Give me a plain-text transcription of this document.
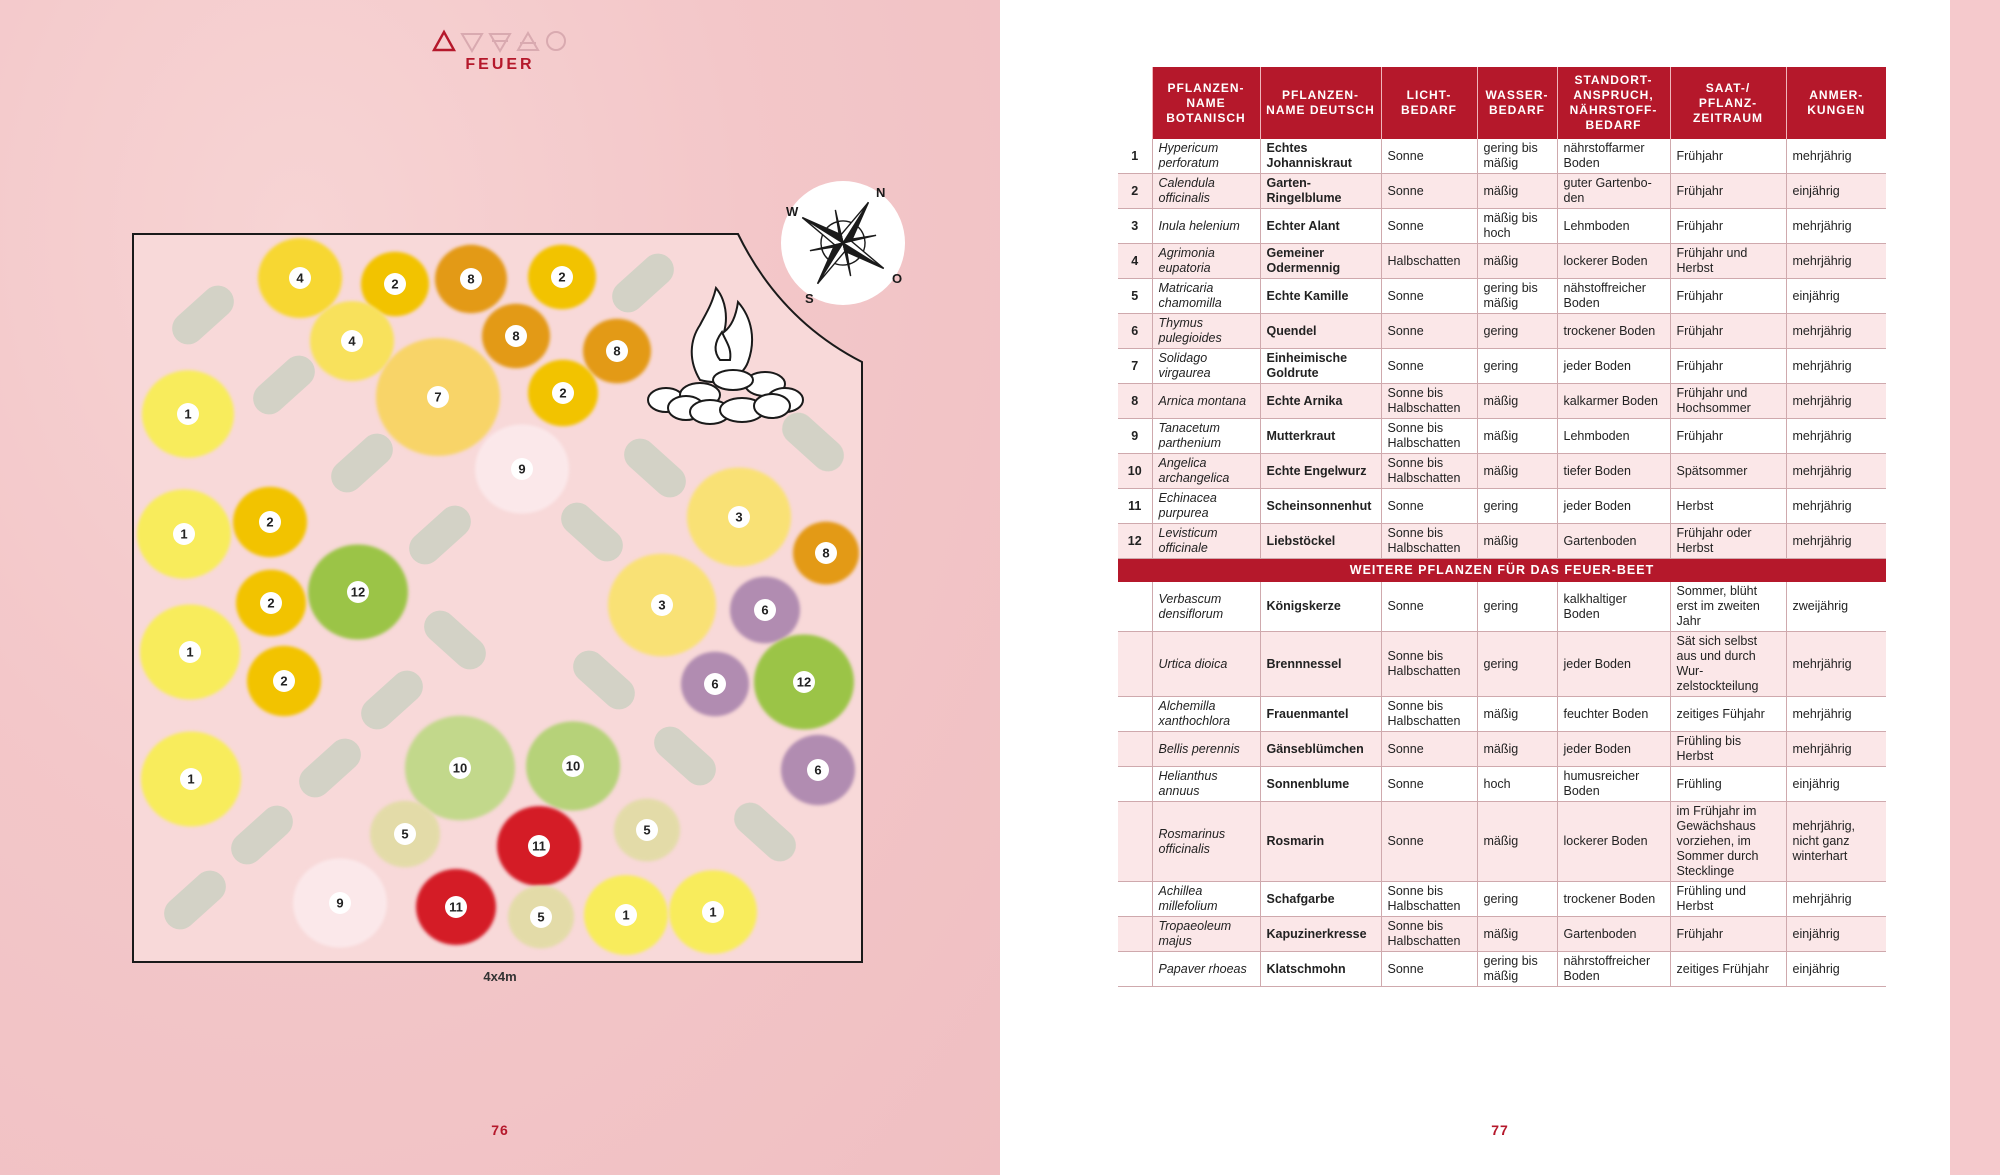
FEUER
4	2	8	2
4	8
8
7	2
1
9
1
2	3
8
12
2	3	6
1
2	6	12
10	10
1
6
5
11
5
9	11
5	1	1
N
W
O
S
4x4m
76
	PFLANZEN-NAME BOTANISCH	PFLANZEN-NAME DEUTSCH	LICHT-BEDARF	WASSER-BEDARF	STANDORT-ANSPRUCH, NÄHRSTOFF-BEDARF	SAAT-/ PFLANZ-ZEITRAUM	ANMER-KUNGEN
1	Hypericum perforatum	Echtes Johanniskraut	Sonne	gering bis mäßig	nährstoffarmer Boden	Frühjahr	mehrjährig
2	Calendula officinalis	Garten-Ringelblume	Sonne	mäßig	guter Gartenbo-den	Frühjahr	einjährig
3	Inula helenium	Echter Alant	Sonne	mäßig bis hoch	Lehmboden	Frühjahr	mehrjährig
4	Agrimonia eupatoria	Gemeiner Odermennig	Halbschatten	mäßig	lockerer Boden	Frühjahr und Herbst	mehrjährig
5	Matricaria chamomilla	Echte Kamille	Sonne	gering bis mäßig	nähstoffreicher Boden	Frühjahr	einjährig
6	Thymus pulegioides	Quendel	Sonne	gering	trockener Boden	Frühjahr	mehrjährig
7	Solidago virgaurea	Einheimische Goldrute	Sonne	gering	jeder Boden	Frühjahr	mehrjährig
8	Arnica montana	Echte Arnika	Sonne bis Halbschatten	mäßig	kalkarmer Boden	Frühjahr und Hochsommer	mehrjährig
9	Tanacetum parthenium	Mutterkraut	Sonne bis Halbschatten	mäßig	Lehmboden	Frühjahr	mehrjährig
10	Angelica archangelica	Echte Engelwurz	Sonne bis Halbschatten	mäßig	tiefer Boden	Spätsommer	mehrjährig
11	Echinacea purpurea	Scheinsonnenhut	Sonne	gering	jeder Boden	Herbst	mehrjährig
12	Levisticum officinale	Liebstöckel	Sonne bis Halbschatten	mäßig	Gartenboden	Frühjahr oder Herbst	mehrjährig
WEITERE PFLANZEN FÜR DAS FEUER-BEET							
	Verbascum densiflorum	Königskerze	Sonne	gering	kalkhaltiger Boden	Sommer, blüht erst im zweiten Jahr	zweijährig
	Urtica dioica	Brennnessel	Sonne bis Halbschatten	gering	jeder Boden	Sät sich selbst aus und durch Wur-zelstockteilung	mehrjährig
	Alchemilla xanthochlora	Frauenmantel	Sonne bis Halbschatten	mäßig	feuchter Boden	zeitiges Fühjahr	mehrjährig
	Bellis perennis	Gänseblümchen	Sonne	mäßig	jeder Boden	Frühling bis Herbst	mehrjährig
	Helianthus annuus	Sonnenblume	Sonne	hoch	humusreicher Boden	Frühling	einjährig
	Rosmarinus officinalis	Rosmarin	Sonne	mäßig	lockerer Boden	im Frühjahr im Gewächshaus vorziehen, im Sommer durch Stecklinge	mehrjährig, nicht ganz winterhart
	Achillea millefolium	Schafgarbe	Sonne bis Halbschatten	gering	trockener Boden	Frühling und Herbst	mehrjährig
	Tropaeoleum majus	Kapuzinerkresse	Sonne bis Halbschatten	mäßig	Gartenboden	Frühjahr	einjährig
	Papaver rhoeas	Klatschmohn	Sonne	gering bis mäßig	nährstoffreicher Boden	zeitiges Frühjahr	einjährig
77
